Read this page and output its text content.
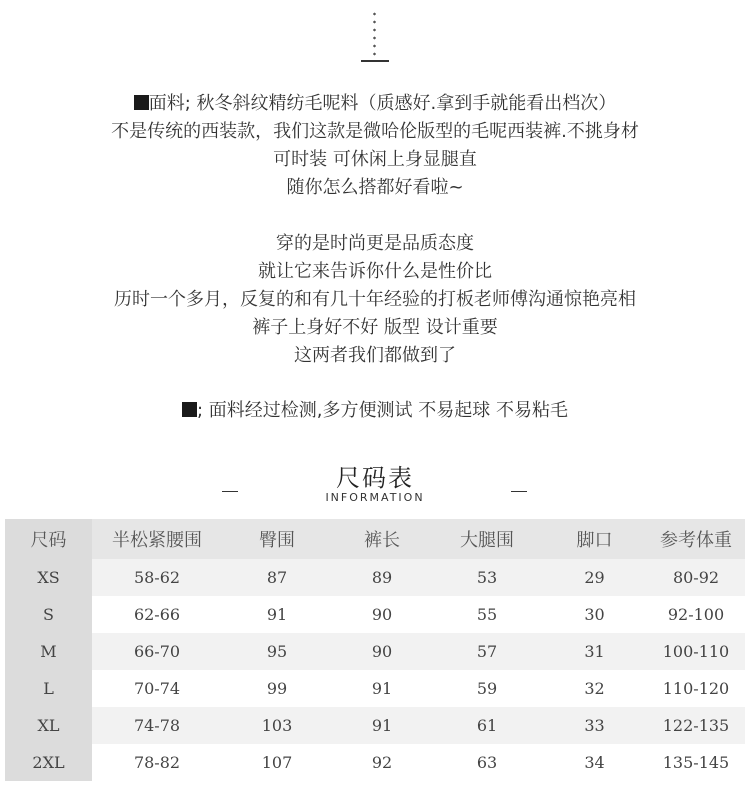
面料; 秋冬斜纹精纺毛呢料（质感好.拿到手就能看出档次）
不是传统的西装款，我们这款是微哈伦版型的毛呢西装裤.不挑身材
可时装 可休闲上身显腿直
随你怎么搭都好看啦~
穿的是时尚更是品质态度
就让它来告诉你什么是性价比
历时一个多月，反复的和有几十年经验的打板老师傅沟通惊艳亮相
裤子上身好不好 版型 设计重要
这两者我们都做到了
; 面料经过检测,多方便测试 不易起球 不易粘毛
尺码表
INFORMATION
尺码	半松紧腰围	臀围	裤长	大腿围	脚口	参考体重
XS	58-62	87	89	53	29	80-92
S	62-66	91	90	55	30	92-100
M	66-70	95	90	57	31	100-110
L	70-74	99	91	59	32	110-120
XL	74-78	103	91	61	33	122-135
2XL	78-82	107	92	63	34	135-145
